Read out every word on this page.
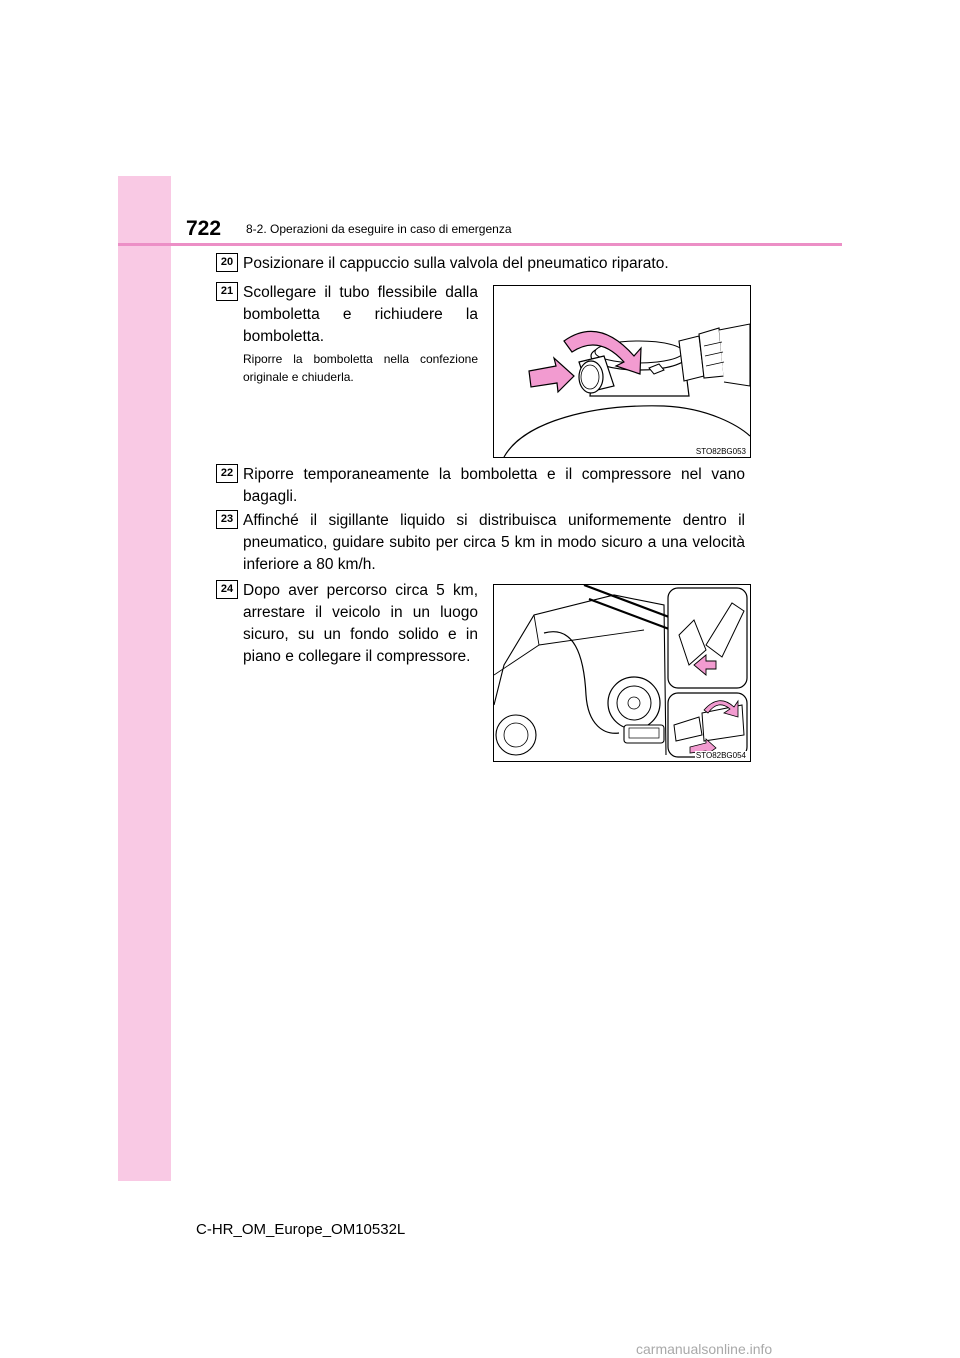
722 8-2. Operazioni da eseguire in caso di emergenza
20 Posizionare il cappuccio sulla valvola del pneumatico riparato.
21 Scollegare il tubo flessibile dalla bomboletta e richiudere la bomboletta.
Riporre la bomboletta nella confezione originale e chiuderla.
STO82BG053
22 Riporre temporaneamente la bomboletta e il compressore nel vano bagagli.
23 Affinché il sigillante liquido si distribuisca uniformemente dentro il pneumatico, guidare subito per circa 5 km in modo sicuro a una velocità inferiore a 80 km/h.
24 Dopo aver percorso circa 5 km, arrestare il veicolo in un luogo sicuro, su un fondo solido e in piano e collegare il compressore.
STO82BG054
C-HR_OM_Europe_OM10532L
carmanualsonline.info
